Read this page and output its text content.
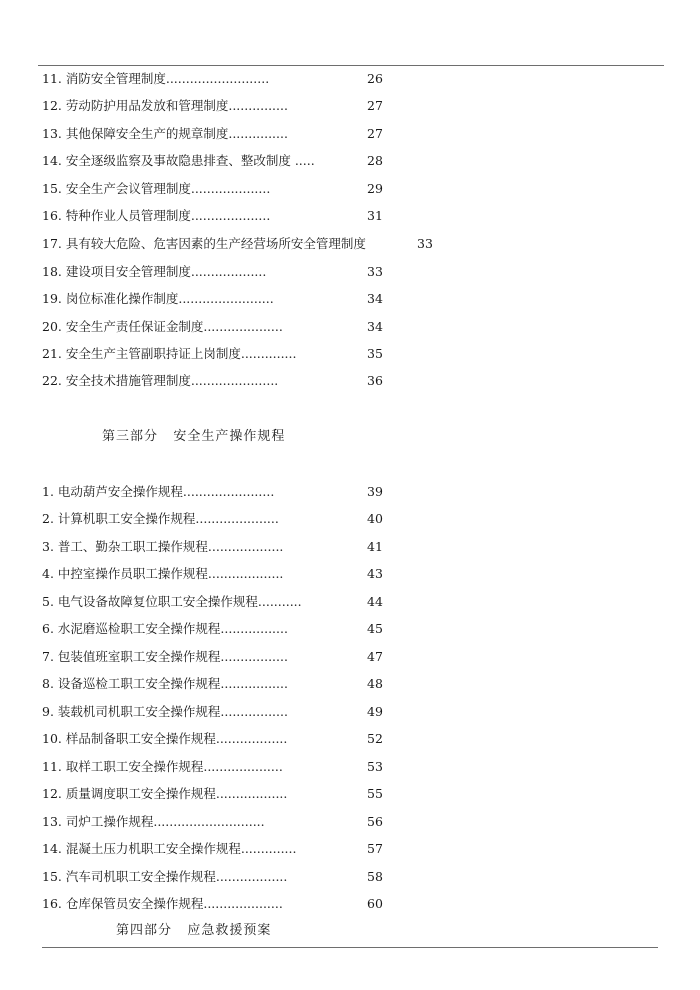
11. 消防安全管理制度..........................	26
12. 劳动防护用品发放和管理制度...............	27
13. 其他保障安全生产的规章制度...............	27
14. 安全逐级监察及事故隐患排查、整改制度 .....	28
15. 安全生产会议管理制度....................	29
16. 特种作业人员管理制度....................	31
17. 具有较大危险、危害因素的生产经营场所安全管理制度	33
18. 建设项目安全管理制度...................	33
19. 岗位标准化操作制度........................	34
20. 安全生产责任保证金制度....................	34
21. 安全生产主管副职持证上岗制度..............	35
22. 安全技术措施管理制度......................	36
第三部分   安全生产操作规程
1. 电动葫芦安全操作规程.......................	39
2. 计算机职工安全操作规程.....................	40
3. 普工、勤杂工职工操作规程...................	41
4. 中控室操作员职工操作规程...................	43
5. 电气设备故障复位职工安全操作规程...........	44
6. 水泥磨巡检职工安全操作规程.................	45
7. 包装值班室职工安全操作规程.................	47
8. 设备巡检工职工安全操作规程.................	48
9. 装载机司机职工安全操作规程.................	49
10. 样品制备职工安全操作规程..................	52
11. 取样工职工安全操作规程....................	53
12. 质量调度职工安全操作规程..................	55
13. 司炉工操作规程............................	56
14. 混凝土压力机职工安全操作规程..............	57
15. 汽车司机职工安全操作规程..................	58
16. 仓库保管员安全操作规程....................	60
第四部分   应急救援预案
